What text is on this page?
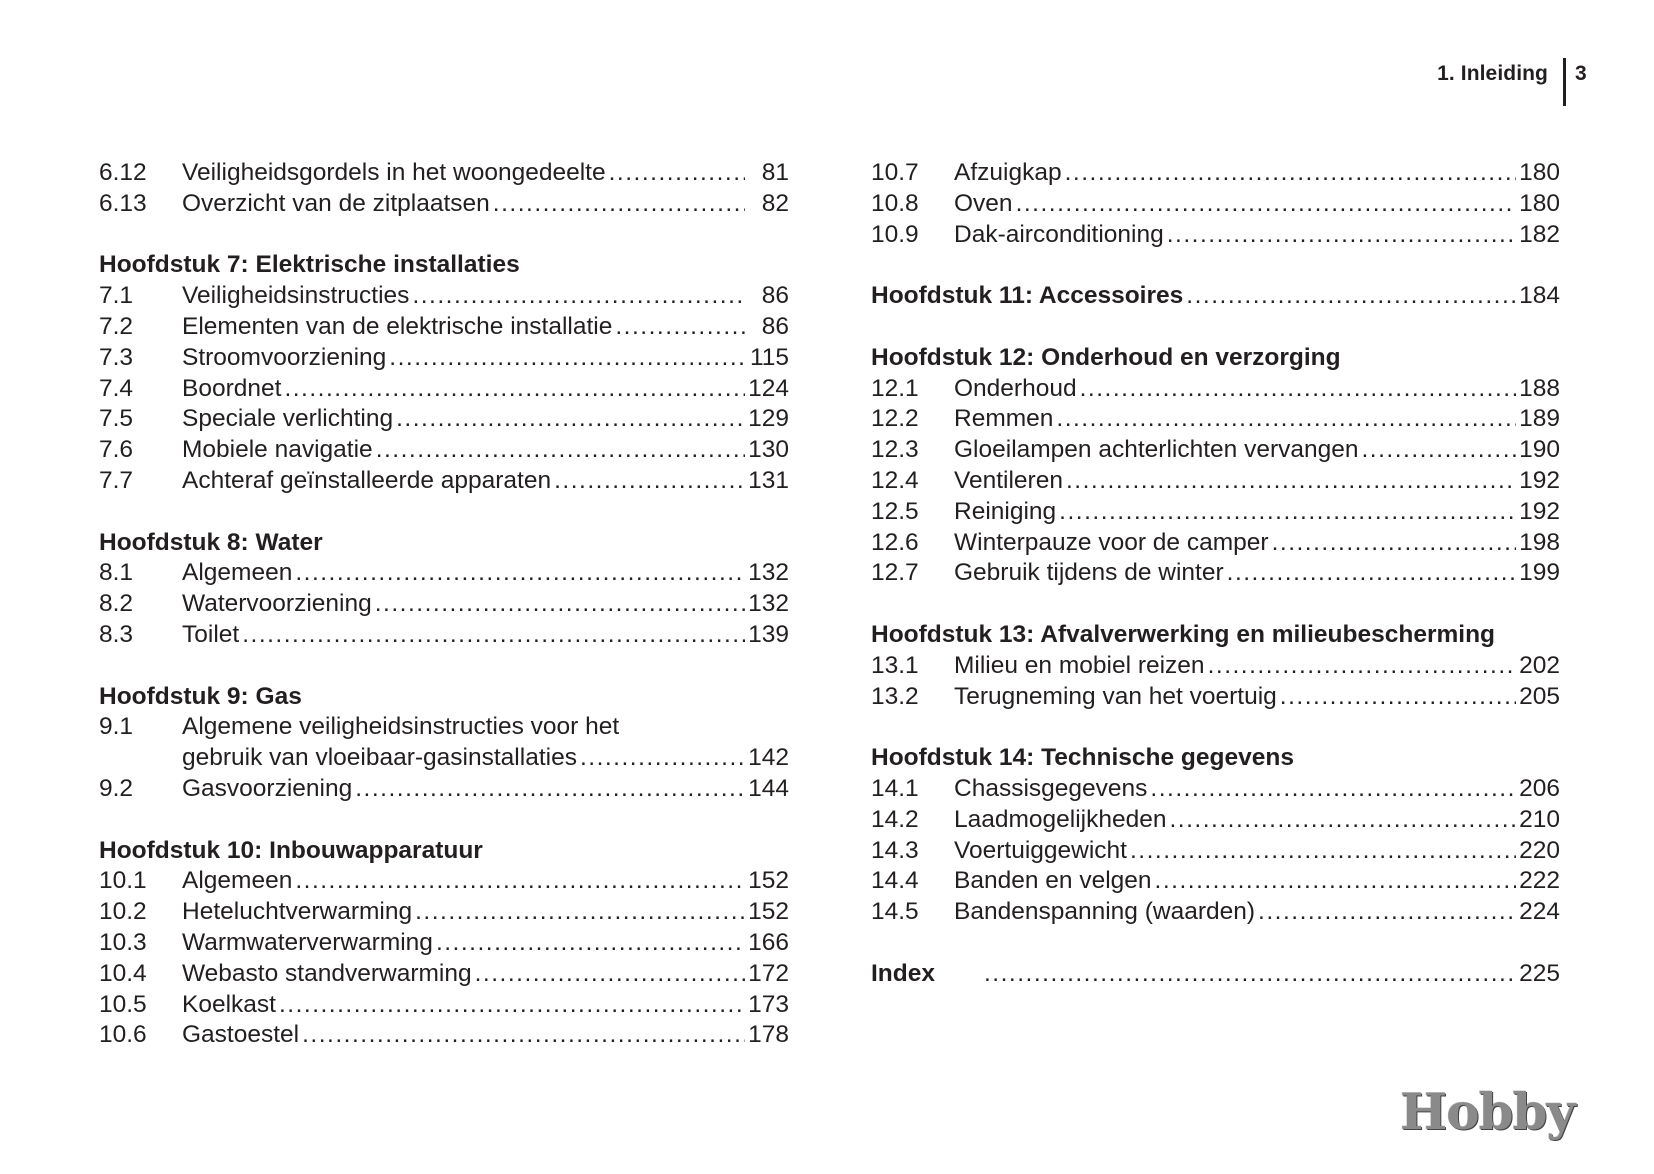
1. Inleiding 3
6.12	Veiligheidsgordels in het woongedeelte .....	81
6.13	Overzicht van de zitplaatsen .....	82
Hoofdstuk 7: Elektrische installaties
7.1	Veiligheidsinstructies .....	86
7.2	Elementen van de elektrische installatie .....	86
7.3	Stroomvoorziening .....	115
7.4	Boordnet .....	124
7.5	Speciale verlichting .....	129
7.6	Mobiele navigatie .....	130
7.7	Achteraf geïnstalleerde apparaten .....	131
Hoofdstuk 8: Water
8.1	Algemeen .....	132
8.2	Watervoorziening .....	132
8.3	Toilet .....	139
Hoofdstuk 9: Gas
9.1	Algemene veiligheidsinstructies voor het
gebruik van vloeibaar-gasinstallaties .....	142
9.2	Gasvoorziening .....	144
Hoofdstuk 10: Inbouwapparatuur
10.1	Algemeen .....	152
10.2	Heteluchtverwarming .....	152
10.3	Warmwaterverwarming .....	166
10.4	Webasto standverwarming .....	172
10.5	Koelkast .....	173
10.6	Gastoestel .....	178
10.7	Afzuigkap .....	180
10.8	Oven .....	180
10.9	Dak-airconditioning .....	182
Hoofdstuk 11: Accessoires .....	184
Hoofdstuk 12: Onderhoud en verzorging
12.1	Onderhoud .....	188
12.2	Remmen .....	189
12.3	Gloeilampen achterlichten vervangen .....	190
12.4	Ventileren .....	192
12.5	Reiniging .....	192
12.6	Winterpauze voor de camper .....	198
12.7	Gebruik tijdens de winter .....	199
Hoofdstuk 13: Afvalverwerking en milieubescherming
13.1	Milieu en mobiel reizen .....	202
13.2	Terugneming van het voertuig .....	205
Hoofdstuk 14: Technische gegevens
14.1	Chassisgegevens .....	206
14.2	Laadmogelijkheden .....	210
14.3	Voertuiggewicht .....	220
14.4	Banden en velgen .....	222
14.5	Bandenspanning (waarden) .....	224
Index .....	225
Hobby
